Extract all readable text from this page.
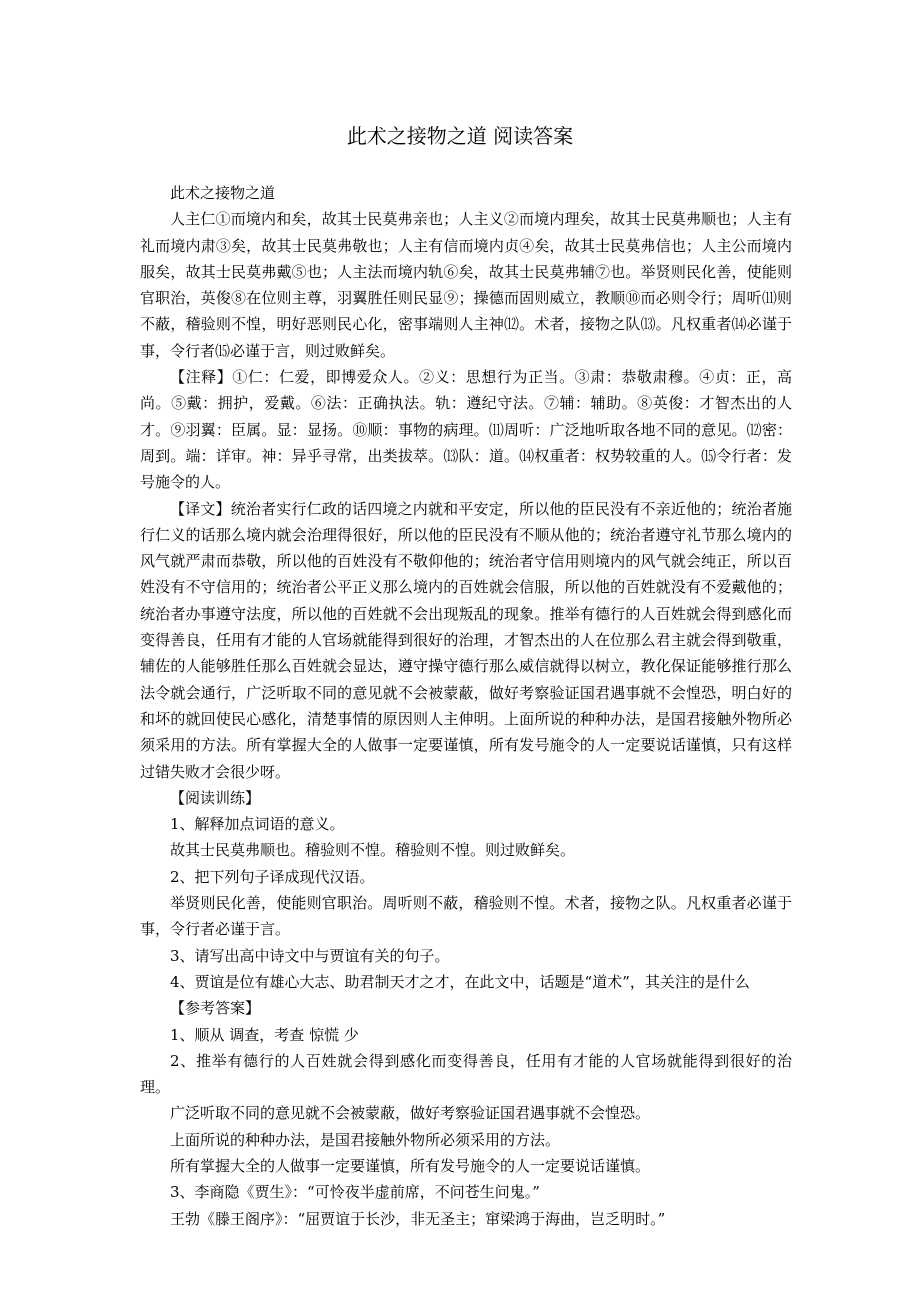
此术之接物之道 阅读答案

此术之接物之道

人主仁①而境内和矣，故其士民莫弗亲也；人主义②而境内理矣，故其士民莫弗顺也；人主有礼而境内肃③矣，故其士民莫弗敬也；人主有信而境内贞④矣，故其士民莫弗信也；人主公而境内服矣，故其士民莫弗戴⑤也；人主法而境内轨⑥矣，故其士民莫弗辅⑦也。举贤则民化善，使能则官职治，英俊⑧在位则主尊，羽翼胜任则民显⑨；操德而固则威立，教顺⑩而必则令行；周听⑾则不蔽，稽验则不惶，明好恶则民心化，密事端则人主神⑿。术者，接物之队⒀。凡权重者⒁必谨于事，令行者⒂必谨于言，则过败鲜矣。

【注释】①仁：仁爱，即博爱众人。②义：思想行为正当。③肃：恭敬肃穆。④贞：正，高尚。⑤戴：拥护，爱戴。⑥法：正确执法。轨：遵纪守法。⑦辅：辅助。⑧英俊：才智杰出的人才。⑨羽翼：臣属。显：显扬。⑩顺：事物的病理。⑾周听：广泛地听取各地不同的意见。⑿密：周到。端：详审。神：异乎寻常，出类拔萃。⒀队：道。⒁权重者：权势较重的人。⒂令行者：发号施令的人。

【译文】统治者实行仁政的话四境之内就和平安定，所以他的臣民没有不亲近他的；统治者施行仁义的话那么境内就会治理得很好，所以他的臣民没有不顺从他的；统治者遵守礼节那么境内的风气就严肃而恭敬，所以他的百姓没有不敬仰他的；统治者守信用则境内的风气就会纯正，所以百姓没有不守信用的；统治者公平正义那么境内的百姓就会信服，所以他的百姓就没有不爱戴他的；统治者办事遵守法度，所以他的百姓就不会出现叛乱的现象。推举有德行的人百姓就会得到感化而变得善良，任用有才能的人官场就能得到很好的治理，才智杰出的人在位那么君主就会得到敬重，辅佐的人能够胜任那么百姓就会显达，遵守操守德行那么威信就得以树立，教化保证能够推行那么法令就会通行，广泛听取不同的意见就不会被蒙蔽，做好考察验证国君遇事就不会惶恐，明白好的和坏的就回使民心感化，清楚事情的原因则人主伸明。上面所说的种种办法，是国君接触外物所必须采用的方法。所有掌握大全的人做事一定要谨慎，所有发号施令的人一定要说话谨慎，只有这样过错失败才会很少呀。

【阅读训练】

1、解释加点词语的意义。

故其士民莫弗顺也。稽验则不惶。稽验则不惶。则过败鲜矣。

2、把下列句子译成现代汉语。

举贤则民化善，使能则官职治。周听则不蔽，稽验则不惶。术者，接物之队。凡权重者必谨于事，令行者必谨于言。

3、请写出高中诗文中与贾谊有关的句子。

4、贾谊是位有雄心大志、助君制天才之才，在此文中，话题是“道术”，其关注的是什么

【参考答案】

1、顺从 调查，考查 惊慌 少

2、推举有德行的人百姓就会得到感化而变得善良，任用有才能的人官场就能得到很好的治理。

广泛听取不同的意见就不会被蒙蔽，做好考察验证国君遇事就不会惶恐。

上面所说的种种办法，是国君接触外物所必须采用的方法。

所有掌握大全的人做事一定要谨慎，所有发号施令的人一定要说话谨慎。

3、李商隐《贾生》：“可怜夜半虚前席，不问苍生问鬼。”

王勃《滕王阁序》：“屈贾谊于长沙，非无圣主；窜梁鸿于海曲，岂乏明时。”
